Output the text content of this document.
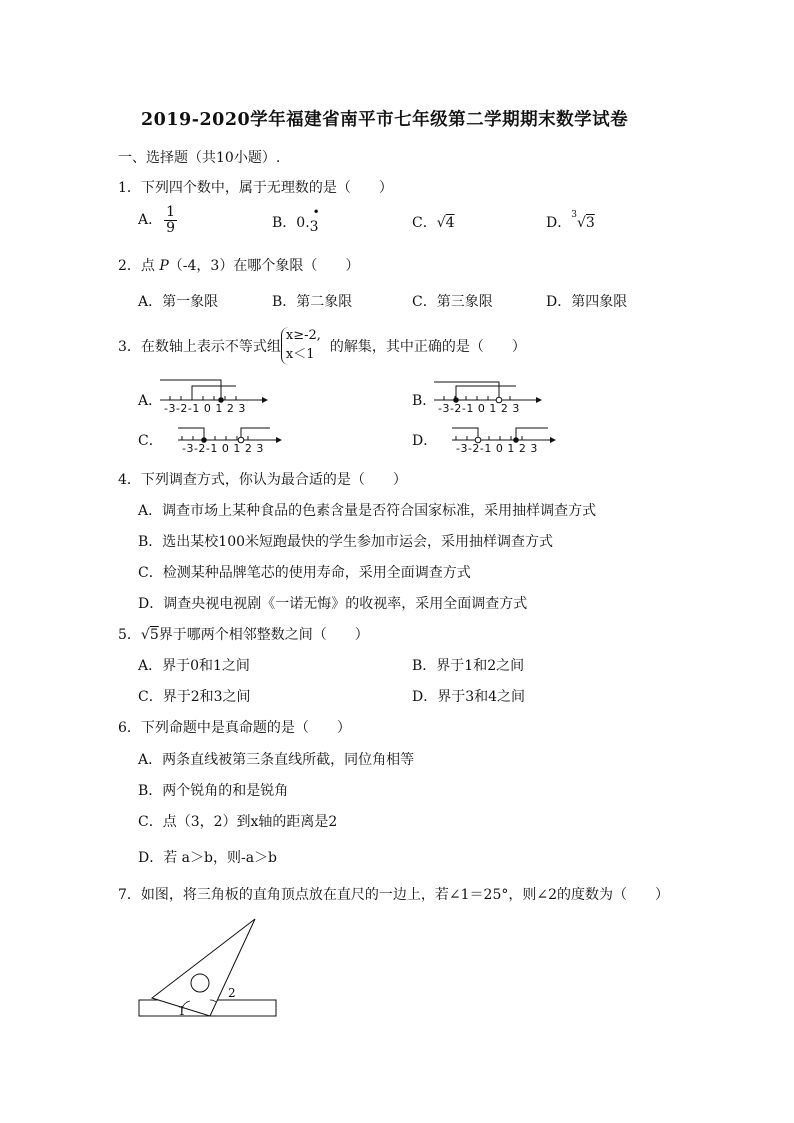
2019-2020学年福建省南平市七年级第二学期期末数学试卷
一、选择题（共10小题）.
1．下列四个数中，属于无理数的是（　　）
A． $\frac{1}{9}$	B．0.
•
3	C．√4	D．$^3$√3
2．点 P（-4，3）在哪个象限（　　）
A．第一象限	B．第二象限	C．第三象限	D．第四象限
3．在数轴上表示不等式组
x≥-2,
x＜1	的解集，其中正确的是（　　）
A． -3-2-1 0 1 2 3	B． -3-2-1 0 1 2 3
C． -3-2-1 0 1 2 3	D． -3-2-1 0 1 2 3
4．下列调查方式，你认为最合适的是（　　）
A．调查市场上某种食品的色素含量是否符合国家标准，采用抽样调查方式
B．选出某校100米短跑最快的学生参加市运会，采用抽样调查方式
C．检测某种品牌笔芯的使用寿命，采用全面调查方式
D．调查央视电视剧《一诺无悔》的收视率，采用全面调查方式
5．√5界于哪两个相邻整数之间（　　）
A．界于0和1之间	B．界于1和2之间
C．界于2和3之间	D．界于3和4之间
6．下列命题中是真命题的是（　　）
A．两条直线被第三条直线所截，同位角相等
B．两个锐角的和是锐角
C．点（3，2）到x轴的距离是2
D．若 a＞b，则-a＞b
7．如图，将三角板的直角顶点放在直尺的一边上，若∠1＝25°，则∠2的度数为（　　）
1
2
